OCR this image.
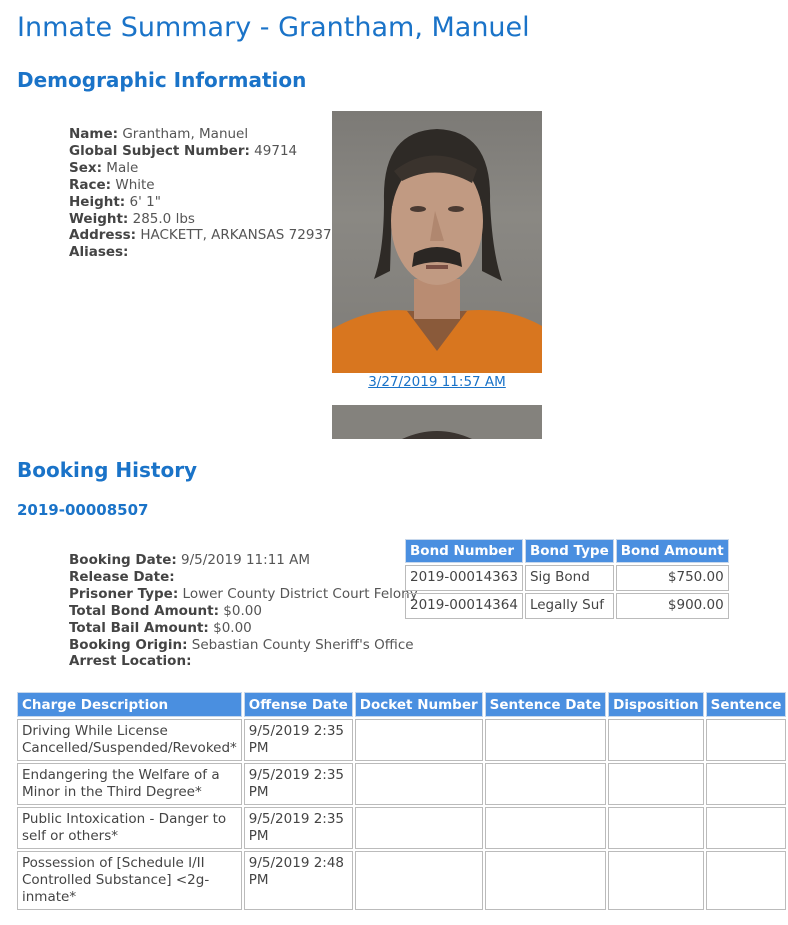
Inmate Summary - Grantham, Manuel
Demographic Information
Name: Grantham, Manuel
Global Subject Number: 49714
Sex: Male
Race: White
Height: 6' 1"
Weight: 285.0 lbs
Address: HACKETT, ARKANSAS 72937
Aliases:
3/27/2019 11:57 AM
Booking History
2019-00008507
Booking Date: 9/5/2019 11:11 AM
Release Date:
Prisoner Type: Lower County District Court Felony
Total Bond Amount: $0.00
Total Bail Amount: $0.00
Booking Origin: Sebastian County Sheriff's Office
Arrest Location:
Bond Number	Bond Type	Bond Amount
2019-00014363	Sig Bond	$750.00
2019-00014364	Legally Suf	$900.00
Charge Description	Offense Date	Docket Number	Sentence Date	Disposition	Sentence
Driving While License Cancelled/Suspended/Revoked*	9/5/2019 2:35 PM				
Endangering the Welfare of a Minor in the Third Degree*	9/5/2019 2:35 PM				
Public Intoxication - Danger to self or others*	9/5/2019 2:35 PM				
Possession of [Schedule I/II Controlled Substance] <2g-inmate*	9/5/2019 2:48 PM				
